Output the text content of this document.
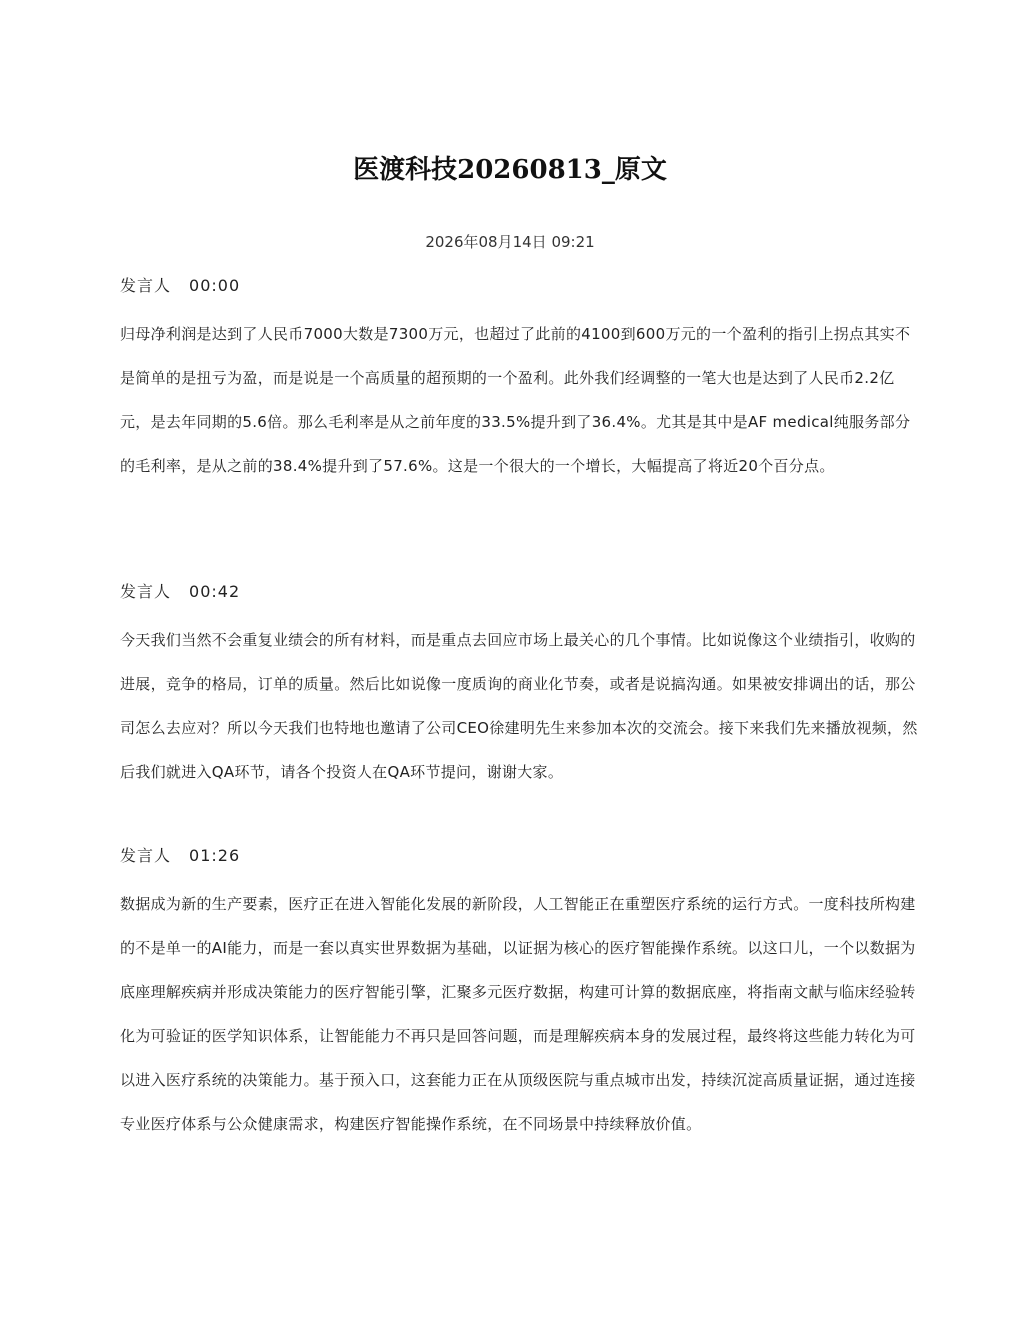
医渡科技20260813_原文
2026年08月14日 09:21

发言人 00:00

归母净利润是达到了人民币7000大数是7300万元，也超过了此前的4100到600万元的一个盈利的指引上拐点其实不是简单的是扭亏为盈，而是说是一个高质量的超预期的一个盈利。此外我们经调整的一笔大也是达到了人民币2.2亿元，是去年同期的5.6倍。那么毛利率是从之前年度的33.5%提升到了36.4%。尤其是其中是AF medical纯服务部分的毛利率，是从之前的38.4%提升到了57.6%。这是一个很大的一个增长，大幅提高了将近20个百分点。

发言人 00:42

今天我们当然不会重复业绩会的所有材料，而是重点去回应市场上最关心的几个事情。比如说像这个业绩指引，收购的进展，竞争的格局，订单的质量。然后比如说像一度质询的商业化节奏，或者是说搞沟通。如果被安排调出的话，那公司怎么去应对？所以今天我们也特地也邀请了公司CEO徐建明先生来参加本次的交流会。接下来我们先来播放视频，然后我们就进入QA环节，请各个投资人在QA环节提问，谢谢大家。

发言人 01:26

数据成为新的生产要素，医疗正在进入智能化发展的新阶段，人工智能正在重塑医疗系统的运行方式。一度科技所构建的不是单一的AI能力，而是一套以真实世界数据为基础，以证据为核心的医疗智能操作系统。以这口儿，一个以数据为底座理解疾病并形成决策能力的医疗智能引擎，汇聚多元医疗数据，构建可计算的数据底座，将指南文献与临床经验转化为可验证的医学知识体系，让智能能力不再只是回答问题，而是理解疾病本身的发展过程，最终将这些能力转化为可以进入医疗系统的决策能力。基于预入口，这套能力正在从顶级医院与重点城市出发，持续沉淀高质量证据，通过连接专业医疗体系与公众健康需求，构建医疗智能操作系统，在不同场景中持续释放价值。
